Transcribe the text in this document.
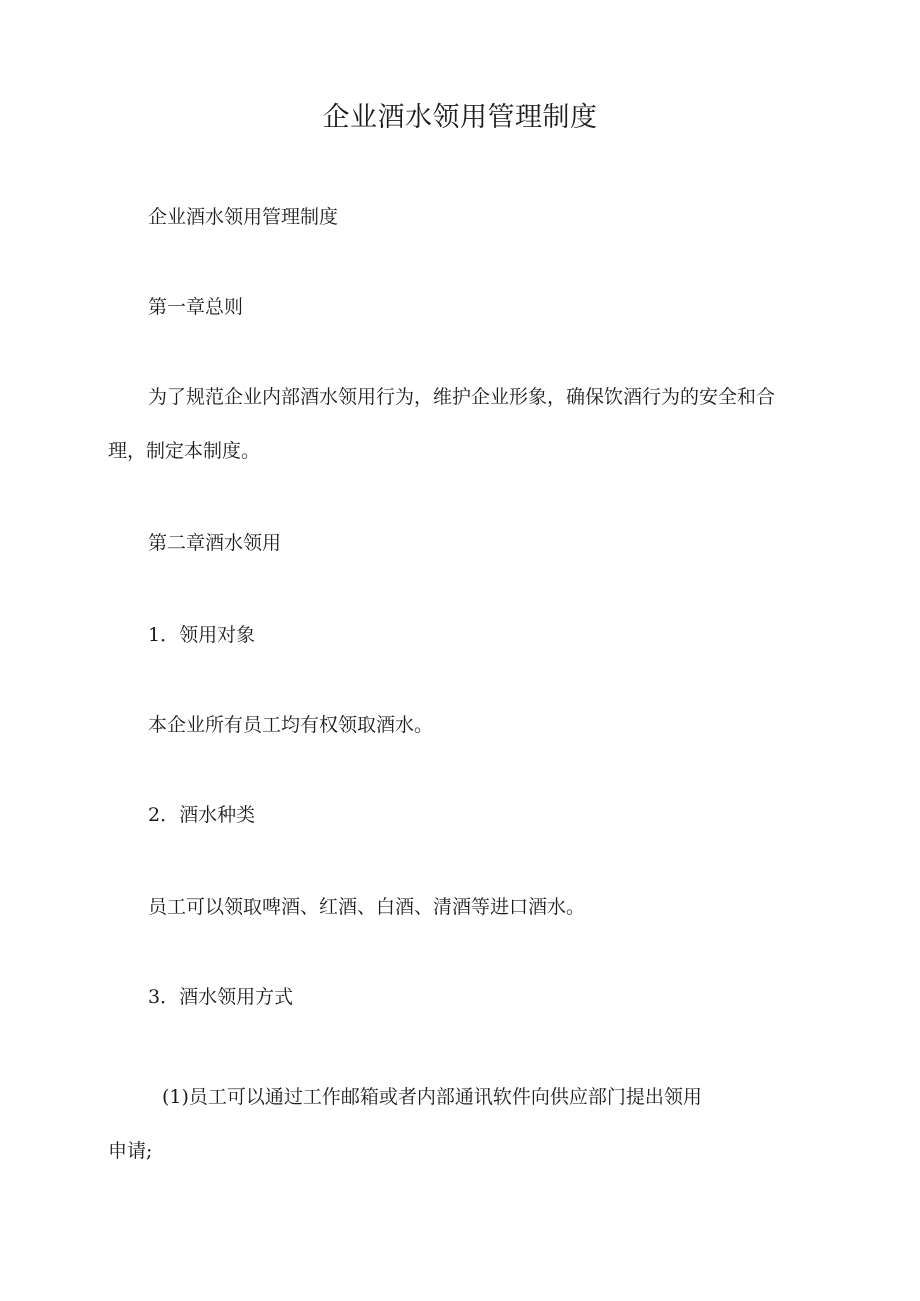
企业酒水领用管理制度
企业酒水领用管理制度
第一章总则
为了规范企业内部酒水领用行为，维护企业形象，确保饮酒行为的安全和合
理，制定本制度。
第二章酒水领用
1．领用对象
本企业所有员工均有权领取酒水。
2．酒水种类
员工可以领取啤酒、红酒、白酒、清酒等进口酒水。
3．酒水领用方式
(1)员工可以通过工作邮箱或者内部通讯软件向供应部门提出领用
申请;
